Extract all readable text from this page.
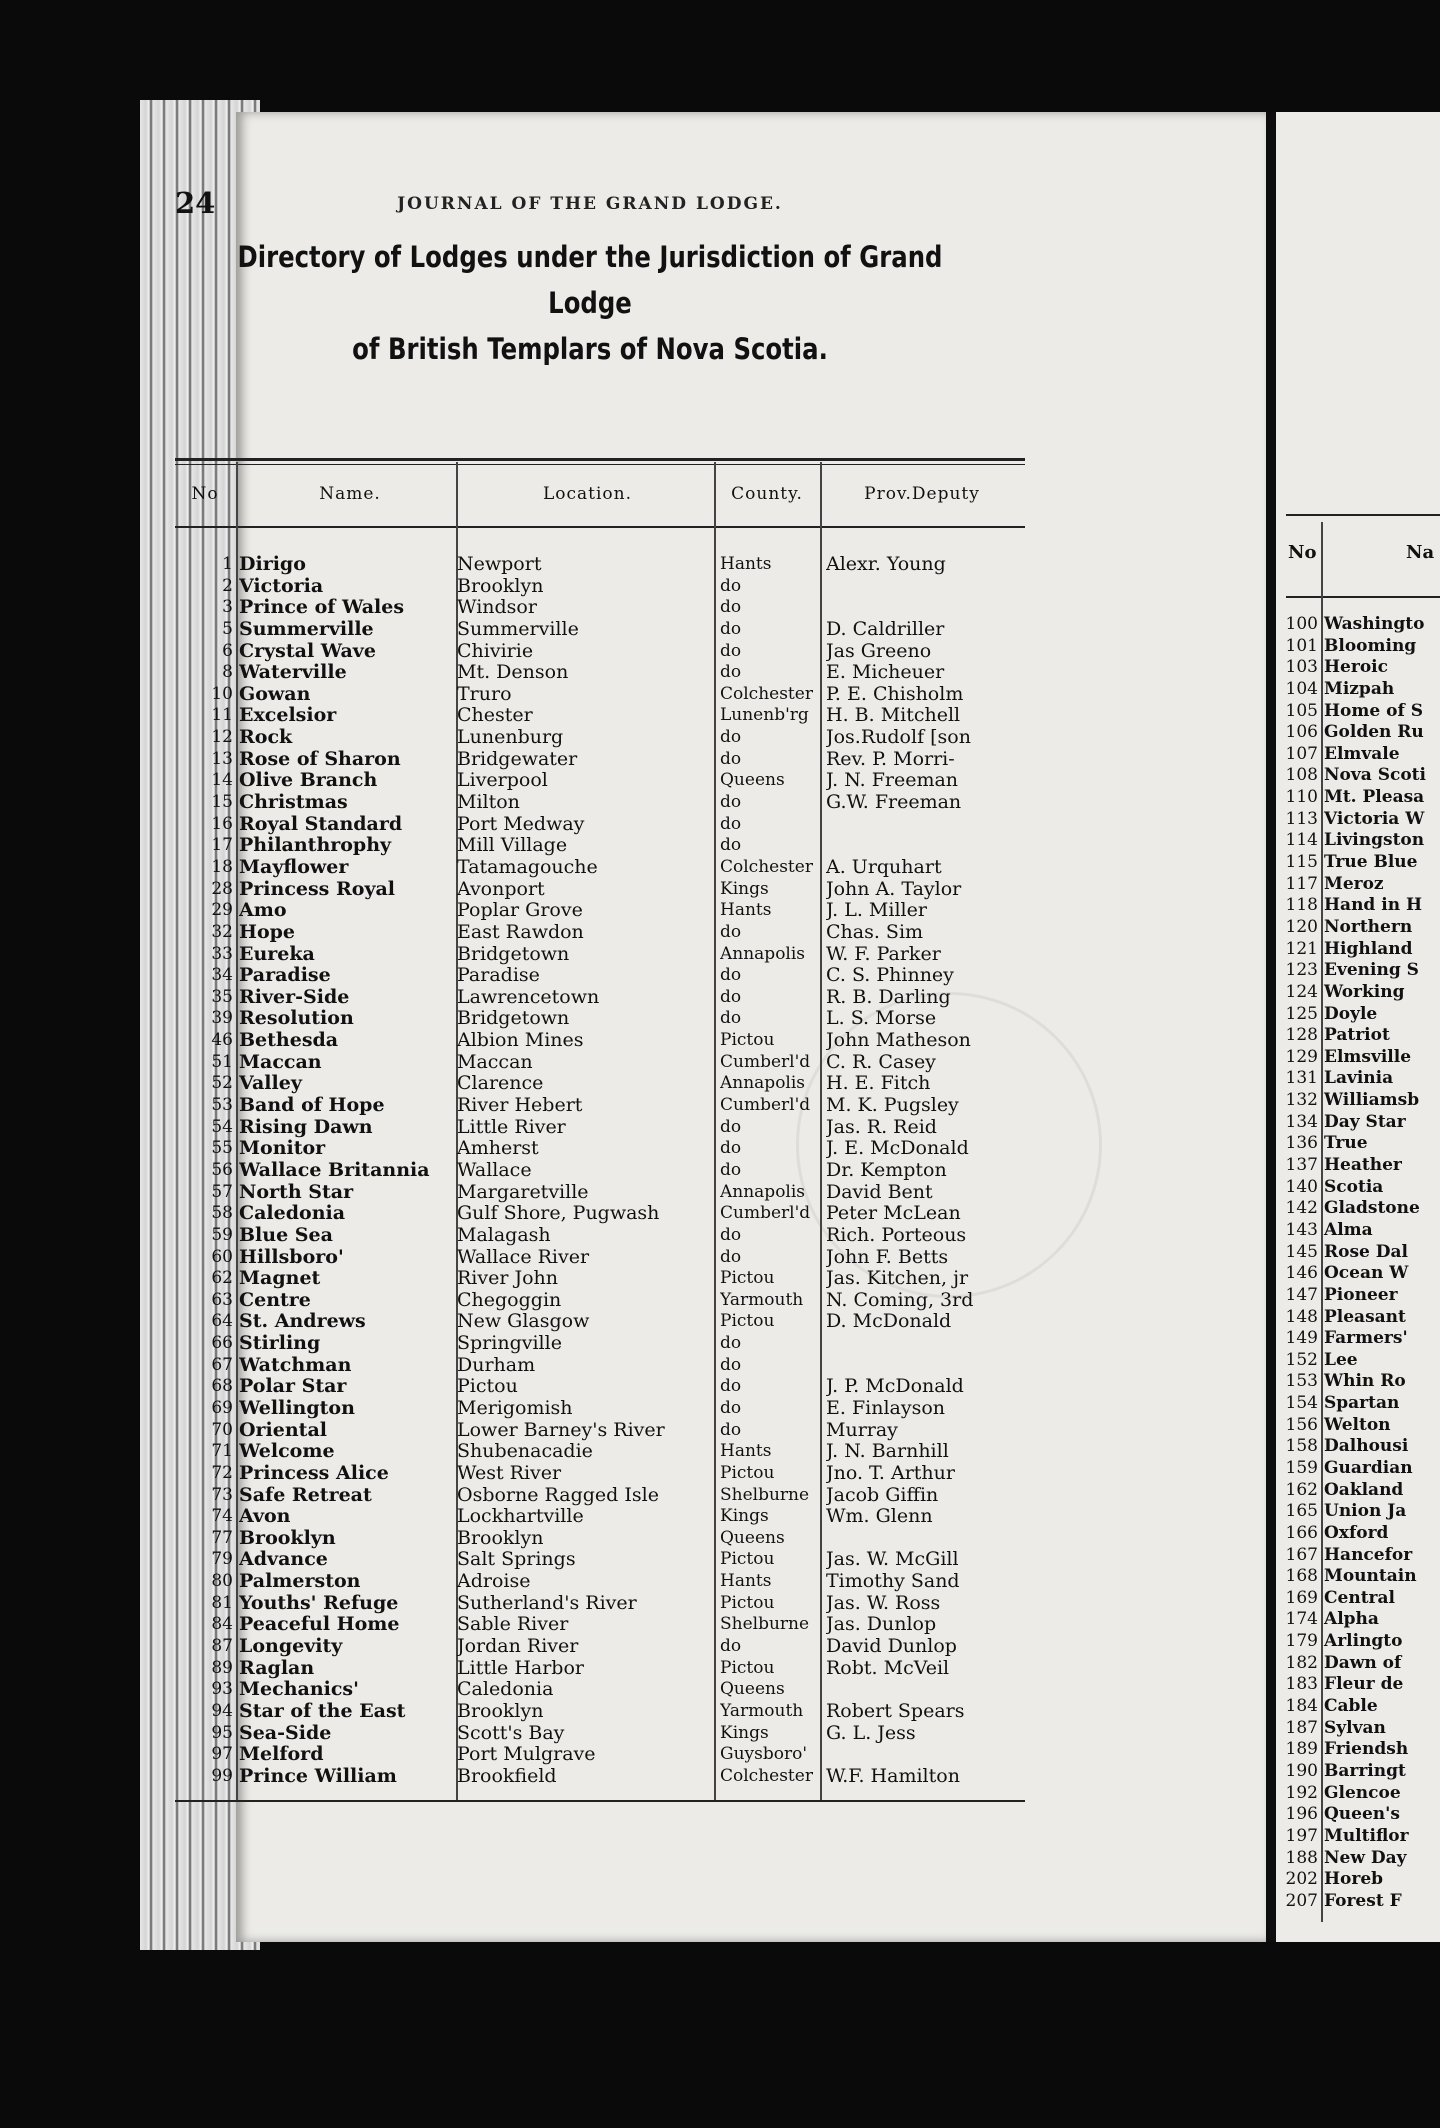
24	JOURNAL OF THE GRAND LODGE.
Directory of Lodges under the Jurisdiction of Grand Lodge
of British Templars of Nova Scotia.
No	Name.	Location.	County.	Prov.Deputy
1 Dirigo	Newport	Hants	Alexr. Young
2 Victoria	Brooklyn	do
3 Prince of Wales	Windsor	do
5 Summerville	Summerville	do	D. Caldriller
6 Crystal Wave	Chivirie	do	Jas Greeno
8 Waterville	Mt. Denson	do	E. Micheuer
10 Gowan	Truro	Colchester P. E. Chisholm
11 Excelsior	Chester	Lunenb'rg H. B. Mitchell
12 Rock	Lunenburg	do	Jos.Rudolf [son
13 Rose of Sharon	Bridgewater	do	Rev. P. Morri-
14 Olive Branch	Liverpool	Queens	J. N. Freeman
15 Christmas	Milton	do	G.W. Freeman
16 Royal Standard	Port Medway	do
17 Philanthrophy	Mill Village	do
18 Mayflower	Tatamagouche	Colchester A. Urquhart
28 Princess Royal	Avonport	Kings	John A. Taylor
29 Amo	Poplar Grove	Hants	J. L. Miller
32 Hope	East Rawdon	do	Chas. Sim
33 Eureka	Bridgetown	Annapolis	W. F. Parker
34 Paradise	Paradise	do	C. S. Phinney
35 River-Side	Lawrencetown	do	R. B. Darling
39 Resolution	Bridgetown	do	L. S. Morse
46 Bethesda	Albion Mines	Pictou	John Matheson
51 Maccan	Maccan	Cumberl'd C. R. Casey
52 Valley	Clarence	Annapolis	H. E. Fitch
53 Band of Hope	River Hebert	Cumberl'd M. K. Pugsley
54 Rising Dawn	Little River	do	Jas. R. Reid
55 Monitor	Amherst	do	J. E. McDonald
56 Wallace Britannia	Wallace	do	Dr. Kempton
57 North Star	Margaretville	Annapolis	David Bent
58 Caledonia	Gulf Shore, Pugwash	Cumberl'd Peter McLean
59 Blue Sea	Malagash	do	Rich. Porteous
60 Hillsboro'	Wallace River	do	John F. Betts
62 Magnet	River John	Pictou	Jas. Kitchen, jr
63 Centre	Chegoggin	Yarmouth	N. Coming, 3rd
64 St. Andrews	New Glasgow	Pictou	D. McDonald
66 Stirling	Springville	do
67 Watchman	Durham	do
68 Polar Star	Pictou	do	J. P. McDonald
69 Wellington	Merigomish	do	E. Finlayson
70 Oriental	Lower Barney's River	do	Murray
71 Welcome	Shubenacadie	Hants	J. N. Barnhill
72 Princess Alice	West River	Pictou	Jno. T. Arthur
73 Safe Retreat	Osborne Ragged Isle	Shelburne Jacob Giffin
74 Avon	Lockhartville	Kings	Wm. Glenn
77 Brooklyn	Brooklyn	Queens
79 Advance	Salt Springs	Pictou	Jas. W. McGill
80 Palmerston	Adroise	Hants	Timothy Sand
81 Youths' Refuge	Sutherland's River	Pictou	Jas. W. Ross
84 Peaceful Home	Sable River	Shelburne Jas. Dunlop
87 Longevity	Jordan River	do	David Dunlop
89 Raglan	Little Harbor	Pictou	Robt. McVeil
93 Mechanics'	Caledonia	Queens
94 Star of the East	Brooklyn	Yarmouth	Robert Spears
95 Sea-Side	Scott's Bay	Kings	G. L. Jess
97 Melford	Port Mulgrave	Guysboro'
99 Prince William	Brookfield	Colchester W.F. Hamilton
No	Na
100 Washingto
101 Blooming
103 Heroic
104 Mizpah
105 Home of S
106 Golden Ru
107 Elmvale
108 Nova Scoti
110 Mt. Pleasa
113 Victoria W
114 Livingston
115 True Blue
117 Meroz
118 Hand in H
120 Northern
121 Highland
123 Evening S
124 Working
125 Doyle
128 Patriot
129 Elmsville
131 Lavinia
132 Williamsb
134 Day Star
136 True
137 Heather
140 Scotia
142 Gladstone
143 Alma
145 Rose Dal
146 Ocean W
147 Pioneer
148 Pleasant
149 Farmers'
152 Lee
153 Whin Ro
154 Spartan
156 Welton
158 Dalhousi
159 Guardian
162 Oakland
165 Union Ja
166 Oxford
167 Hancefor
168 Mountain
169 Central
174 Alpha
179 Arlingto
182 Dawn of
183 Fleur de
184 Cable
187 Sylvan
189 Friendsh
190 Barringt
192 Glencoe
196 Queen's
197 Multiflor
188 New Day
202 Horeb
207 Forest F
